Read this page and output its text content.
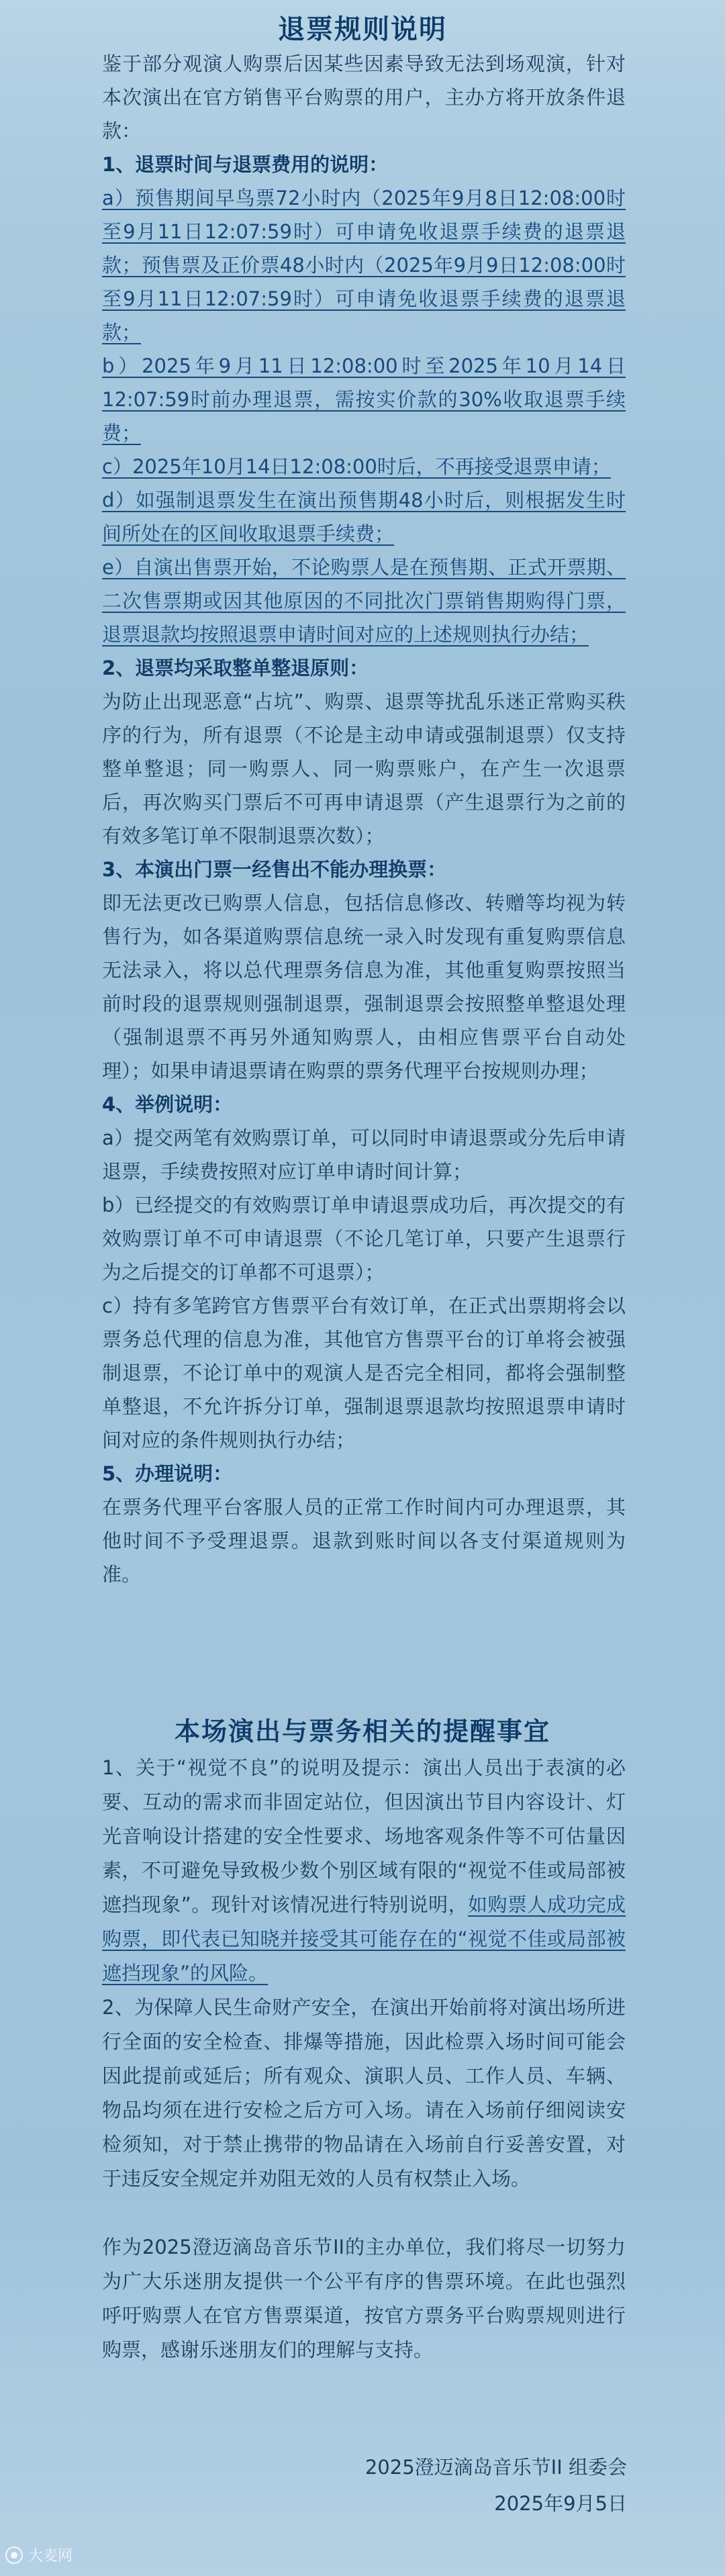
退票规则说明

鉴于部分观演人购票后因某些因素导致无法到场观演，针对本次演出在官方销售平台购票的用户，主办方将开放条件退款：

1、退票时间与退票费用的说明：

a）预售期间早鸟票72小时内（2025年9月8日12:08:00时至9月11日12:07:59时）可申请免收退票手续费的退票退款；预售票及正价票48小时内（2025年9月9日12:08:00时至9月11日12:07:59时）可申请免收退票手续费的退票退款；

b）2025年9月11日12:08:00时至2025年10月14日12:07:59时前办理退票，需按实价款的30%收取退票手续费；

c）2025年10月14日12:08:00时后，不再接受退票申请；

d）如强制退票发生在演出预售期48小时后，则根据发生时间所处在的区间收取退票手续费；

e）自演出售票开始，不论购票人是在预售期、正式开票期、二次售票期或因其他原因的不同批次门票销售期购得门票，退票退款均按照退票申请时间对应的上述规则执行办结；

2、退票均采取整单整退原则：

为防止出现恶意“占坑”、购票、退票等扰乱乐迷正常购买秩序的行为，所有退票（不论是主动申请或强制退票）仅支持整单整退；同一购票人、同一购票账户，在产生一次退票后，再次购买门票后不可再申请退票（产生退票行为之前的有效多笔订单不限制退票次数）；

3、本演出门票一经售出不能办理换票：

即无法更改已购票人信息，包括信息修改、转赠等均视为转售行为，如各渠道购票信息统一录入时发现有重复购票信息无法录入，将以总代理票务信息为准，其他重复购票按照当前时段的退票规则强制退票，强制退票会按照整单整退处理（强制退票不再另外通知购票人，由相应售票平台自动处理）；如果申请退票请在购票的票务代理平台按规则办理；

4、举例说明：

a）提交两笔有效购票订单，可以同时申请退票或分先后申请退票，手续费按照对应订单申请时间计算；

b）已经提交的有效购票订单申请退票成功后，再次提交的有效购票订单不可申请退票（不论几笔订单，只要产生退票行为之后提交的订单都不可退票）；

c）持有多笔跨官方售票平台有效订单，在正式出票期将会以票务总代理的信息为准，其他官方售票平台的订单将会被强制退票，不论订单中的观演人是否完全相同，都将会强制整单整退，不允许拆分订单，强制退票退款均按照退票申请时间对应的条件规则执行办结；

5、办理说明：

在票务代理平台客服人员的正常工作时间内可办理退票，其他时间不予受理退票。退款到账时间以各支付渠道规则为准。

本场演出与票务相关的提醒事宜

1、关于“视觉不良”的说明及提示：演出人员出于表演的必要、互动的需求而非固定站位，但因演出节目内容设计、灯光音响设计搭建的安全性要求、场地客观条件等不可估量因素，不可避免导致极少数个别区域有限的“视觉不佳或局部被遮挡现象”。现针对该情况进行特别说明，如购票人成功完成购票，即代表已知晓并接受其可能存在的“视觉不佳或局部被遮挡现象”的风险。

2、为保障人民生命财产安全，在演出开始前将对演出场所进行全面的安全检查、排爆等措施，因此检票入场时间可能会因此提前或延后；所有观众、演职人员、工作人员、车辆、物品均须在进行安检之后方可入场。请在入场前仔细阅读安检须知，对于禁止携带的物品请在入场前自行妥善安置，对于违反安全规定并劝阻无效的人员有权禁止入场。

作为2025澄迈滴岛音乐节II的主办单位，我们将尽一切努力为广大乐迷朋友提供一个公平有序的售票环境。在此也强烈呼吁购票人在官方售票渠道，按官方票务平台购票规则进行购票，感谢乐迷朋友们的理解与支持。

2025澄迈滴岛音乐节II 组委会
2025年9月5日
大麦网
